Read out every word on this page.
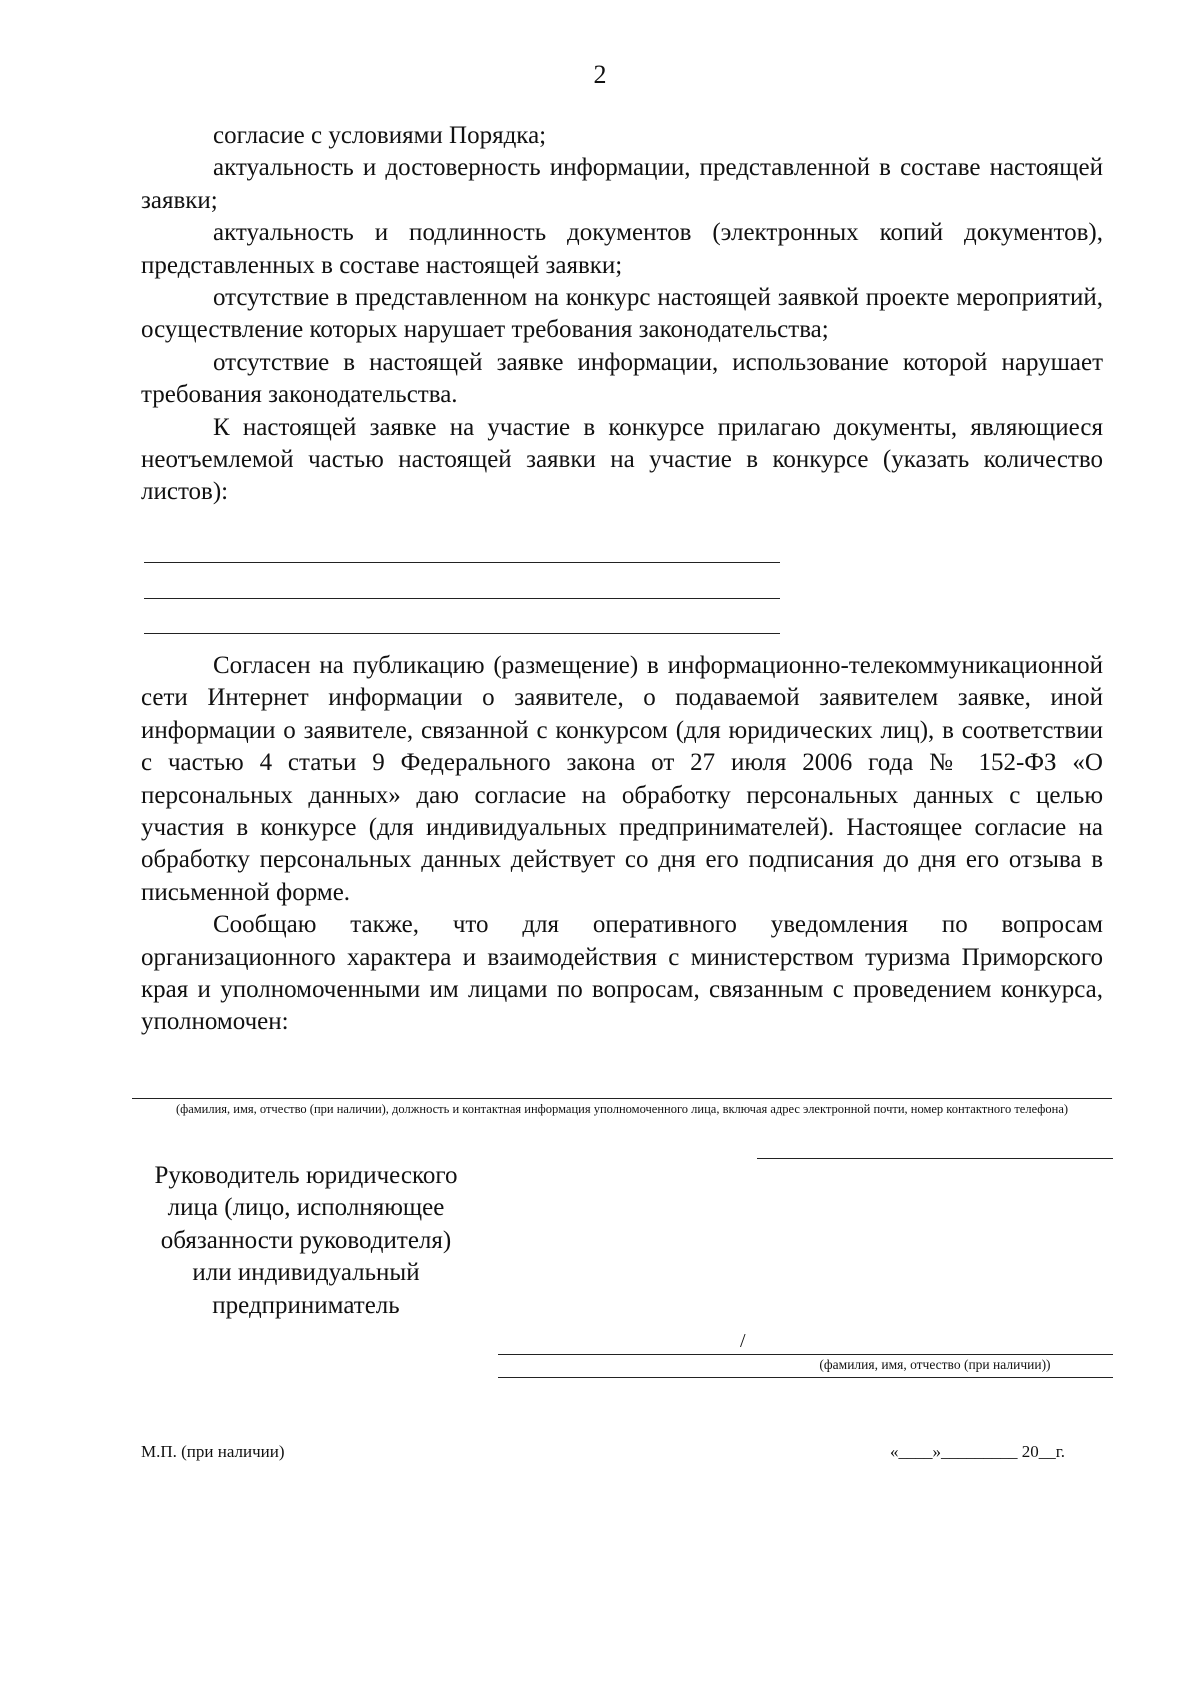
2

согласие с условиями Порядка;

актуальность и достоверность информации, представленной в составе настоящей заявки;

актуальность и подлинность документов (электронных копий документов), представленных в составе настоящей заявки;

отсутствие в представленном на конкурс настоящей заявкой проекте мероприятий, осуществление которых нарушает требования законодательства;

отсутствие в настоящей заявке информации, использование которой нарушает требования законодательства.

К настоящей заявке на участие в конкурсе прилагаю документы, являющиеся неотъемлемой частью настоящей заявки на участие в конкурсе (указать количество листов):

Согласен на публикацию (размещение) в информационно-телекоммуникационной сети Интернет информации о заявителе, о подаваемой заявителем заявке, иной информации о заявителе, связанной с конкурсом (для юридических лиц), в соответствии с частью 4 статьи 9 Федерального закона от 27 июля 2006 года № 152-ФЗ «О персональных данных» даю согласие на обработку персональных данных с целью участия в конкурсе (для индивидуальных предпринимателей). Настоящее согласие на обработку персональных данных действует со дня его подписания до дня его отзыва в письменной форме.

Сообщаю также, что для оперативного уведомления по вопросам организационного характера и взаимодействия с министерством туризма Приморского края и уполномоченными им лицами по вопросам, связанным с проведением конкурса, уполномочен:

(фамилия, имя, отчество (при наличии), должность и контактная информация уполномоченного лица, включая адрес электронной почти, номер контактного телефона)
Руководитель юридического лица (лицо, исполняющее обязанности руководителя) или индивидуальный предприниматель
/
(фамилия, имя, отчество (при наличии))
М.П. (при наличии)	«____»_________ 20__г.
